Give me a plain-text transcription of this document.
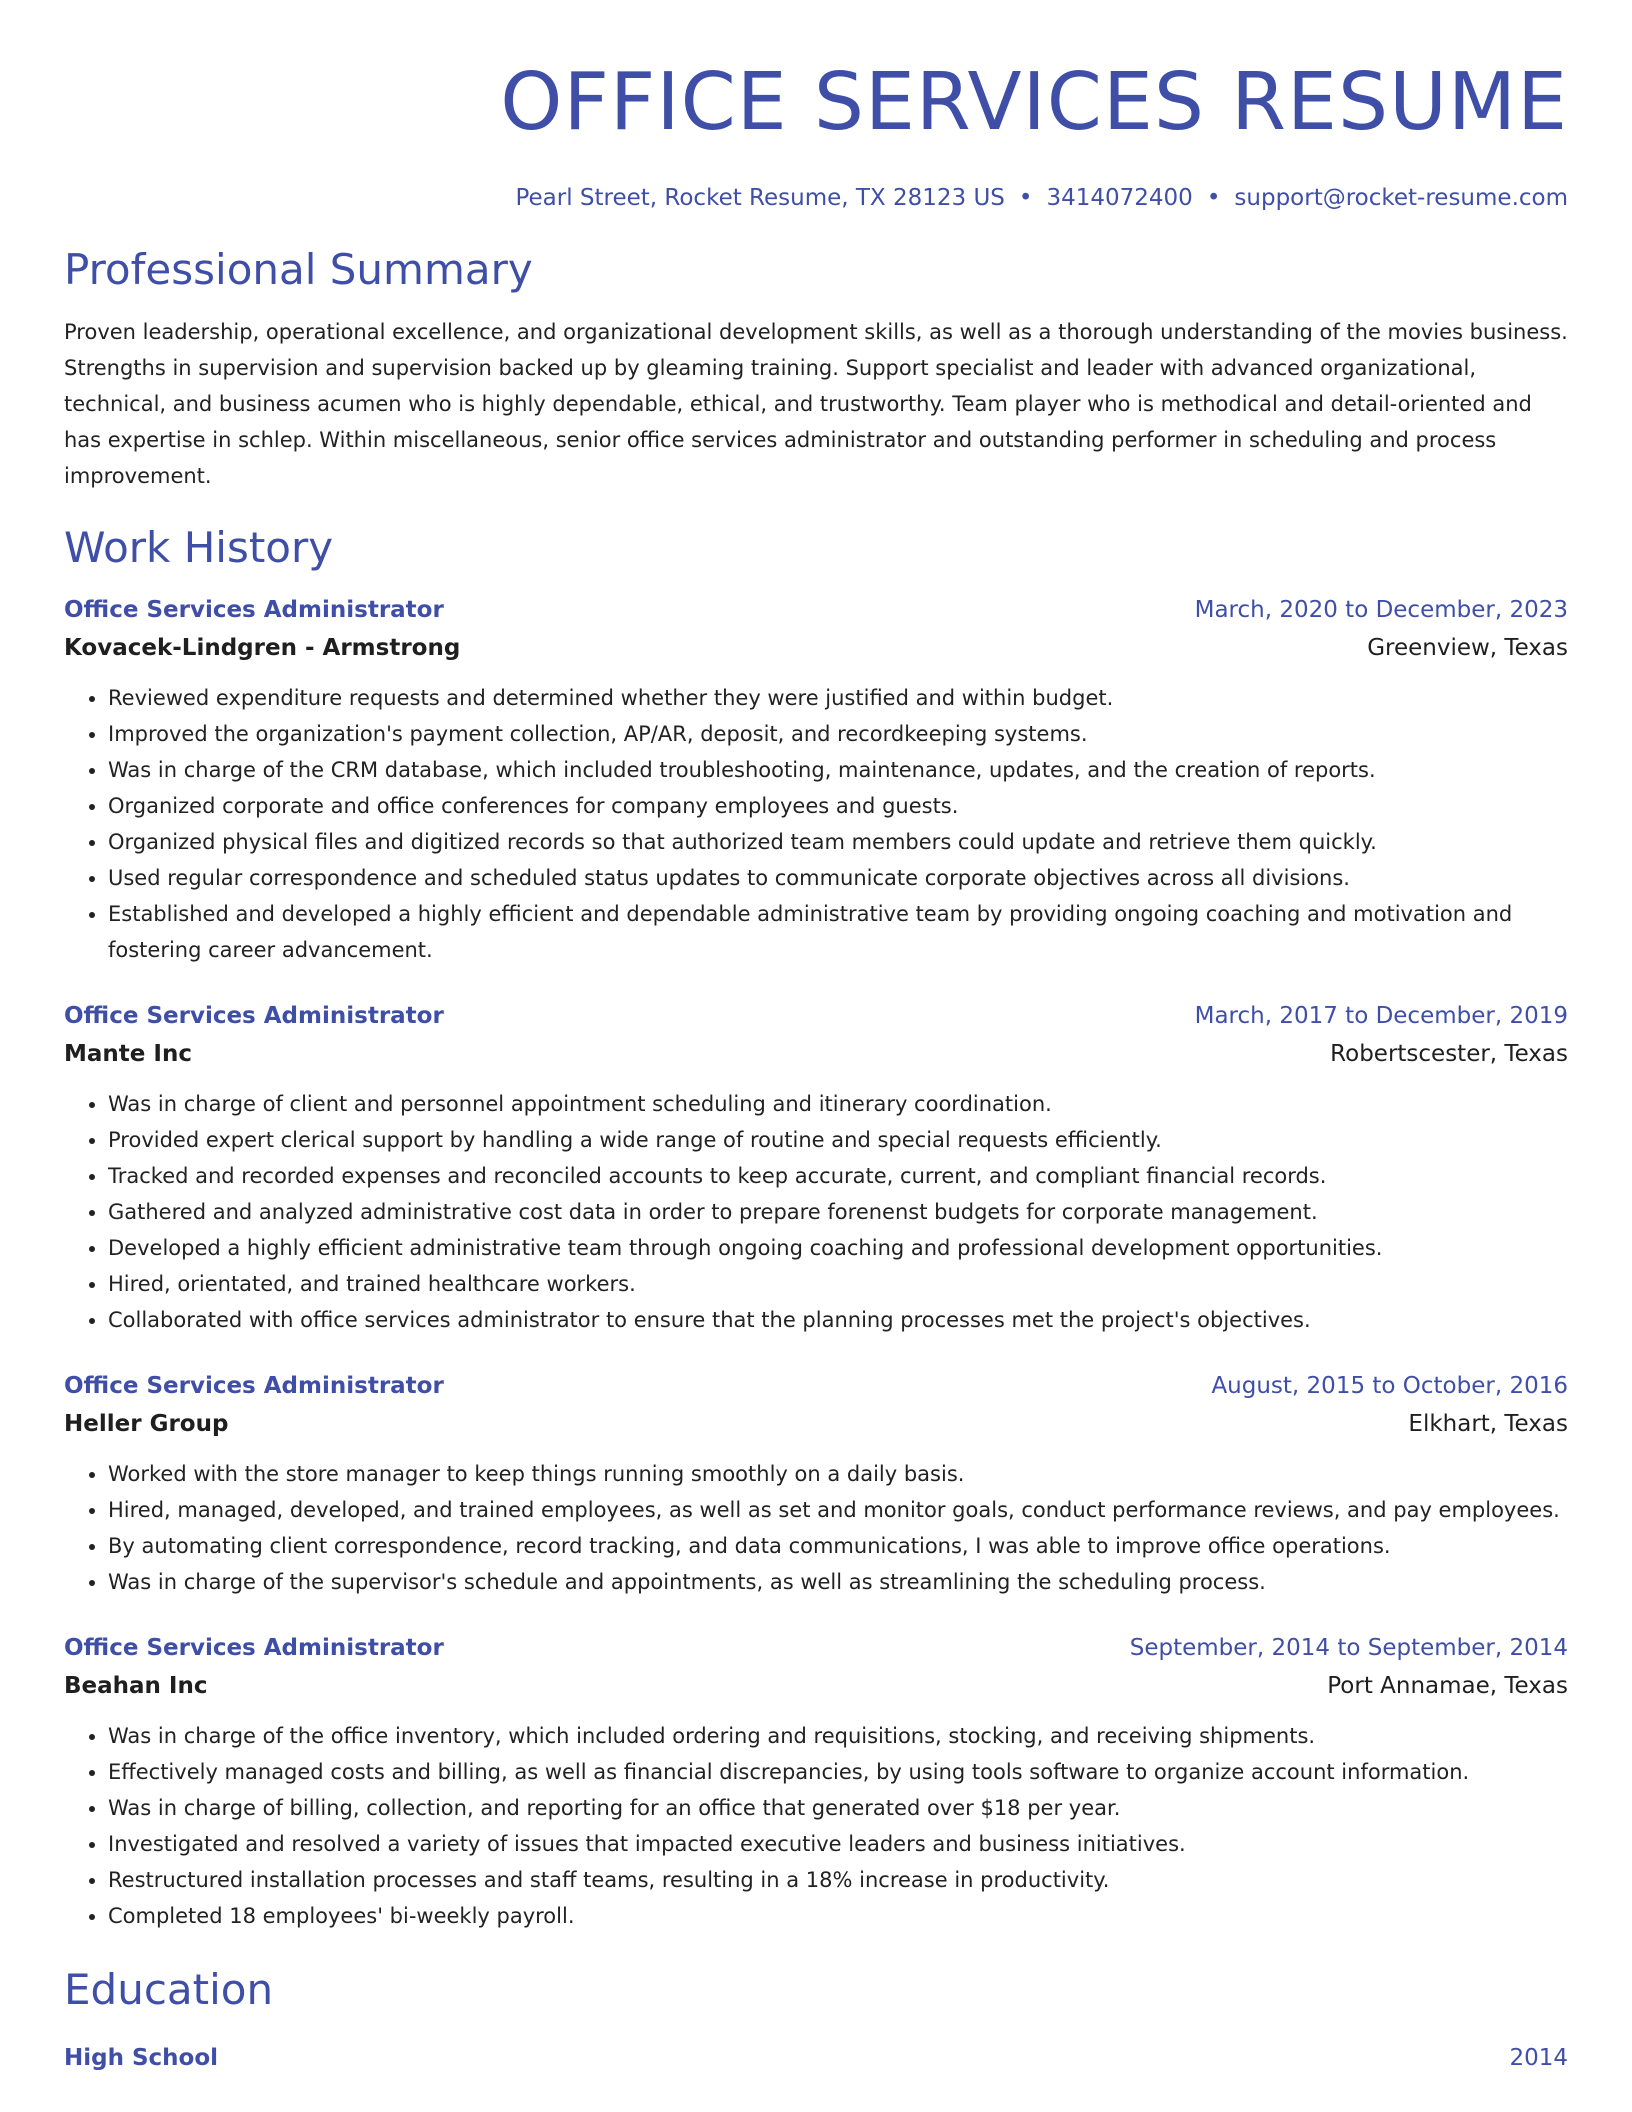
OFFICE SERVICES RESUME
Pearl Street, Rocket Resume, TX 28123 US • 3414072400 • support@rocket-resume.com
Professional Summary
Proven leadership, operational excellence, and organizational development skills, as well as a thorough understanding of the movies business. Strengths in supervision and supervision backed up by gleaming training. Support specialist and leader with advanced organizational, technical, and business acumen who is highly dependable, ethical, and trustworthy. Team player who is methodical and detail-oriented and has expertise in schlep. Within miscellaneous, senior office services administrator and outstanding performer in scheduling and process improvement.
Work History
Office Services Administrator	March, 2020 to December, 2023
Kovacek-Lindgren - Armstrong	Greenview, Texas
• Reviewed expenditure requests and determined whether they were justified and within budget.
• Improved the organization's payment collection, AP/AR, deposit, and recordkeeping systems.
• Was in charge of the CRM database, which included troubleshooting, maintenance, updates, and the creation of reports.
• Organized corporate and office conferences for company employees and guests.
• Organized physical files and digitized records so that authorized team members could update and retrieve them quickly.
• Used regular correspondence and scheduled status updates to communicate corporate objectives across all divisions.
• Established and developed a highly efficient and dependable administrative team by providing ongoing coaching and motivation and fostering career advancement.
Office Services Administrator	March, 2017 to December, 2019
Mante Inc	Robertscester, Texas
• Was in charge of client and personnel appointment scheduling and itinerary coordination.
• Provided expert clerical support by handling a wide range of routine and special requests efficiently.
• Tracked and recorded expenses and reconciled accounts to keep accurate, current, and compliant financial records.
• Gathered and analyzed administrative cost data in order to prepare forenenst budgets for corporate management.
• Developed a highly efficient administrative team through ongoing coaching and professional development opportunities.
• Hired, orientated, and trained healthcare workers.
• Collaborated with office services administrator to ensure that the planning processes met the project's objectives.
Office Services Administrator	August, 2015 to October, 2016
Heller Group	Elkhart, Texas
• Worked with the store manager to keep things running smoothly on a daily basis.
• Hired, managed, developed, and trained employees, as well as set and monitor goals, conduct performance reviews, and pay employees.
• By automating client correspondence, record tracking, and data communications, I was able to improve office operations.
• Was in charge of the supervisor's schedule and appointments, as well as streamlining the scheduling process.
Office Services Administrator	September, 2014 to September, 2014
Beahan Inc	Port Annamae, Texas
• Was in charge of the office inventory, which included ordering and requisitions, stocking, and receiving shipments.
• Effectively managed costs and billing, as well as financial discrepancies, by using tools software to organize account information.
• Was in charge of billing, collection, and reporting for an office that generated over $18 per year.
• Investigated and resolved a variety of issues that impacted executive leaders and business initiatives.
• Restructured installation processes and staff teams, resulting in a 18% increase in productivity.
• Completed 18 employees' bi-weekly payroll.
Education
High School	2014
